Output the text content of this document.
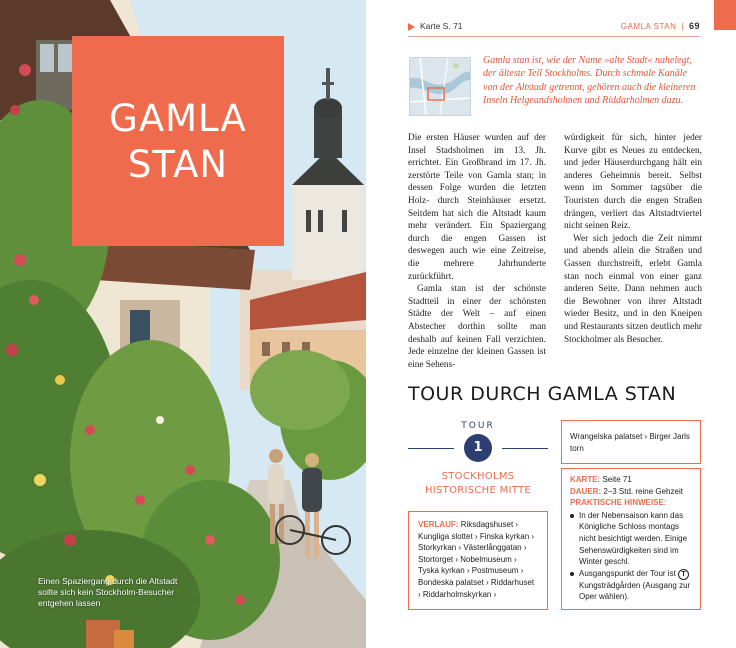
GAMLA
STAN
Einen Spaziergang durch die Altstadt sollte sich kein Stockholm-Besucher entgehen lassen
Karte S. 71	GAMLA STAN | 69
Gamla stan ist, wie der Name »alte Stadt« nahelegt, der älteste Teil Stockholms. Durch schmale Kanäle von der Altstadt getrennt, gehören auch die kleineren Inseln Helgeandsholmen und Riddarholmen dazu.

Die ersten Häuser wurden auf der Insel Stadsholmen im 13. Jh. errichtet. Ein Großbrand im 17. Jh. zerstörte Teile von Gamla stan; in dessen Folge wurden die letzten Holz- durch Steinhäuser ersetzt. Seitdem hat sich die Altstadt kaum mehr verändert. Ein Spaziergang durch die engen Gassen ist deswegen auch wie eine Zeitreise, die mehrere Jahrhunderte zurückführt.

Gamla stan ist der schönste Stadtteil in einer der schönsten Städte der Welt – auf einen Abstecher dorthin sollte man deshalb auf keinen Fall verzichten. Jede einzelne der kleinen Gassen ist eine Sehens-

würdigkeit für sich, hinter jeder Kurve gibt es Neues zu entdecken, und jeder Häuserdurchgang hält ein anderes Geheimnis bereit. Selbst wenn im Sommer tagsüber die Touristen durch die engen Straßen drängen, verliert das Altstadtviertel nicht seinen Reiz.

Wer sich jedoch die Zeit nimmt und abends allein die Straßen und Gassen durchstreift, erlebt Gamla stan noch einmal von einer ganz anderen Seite. Dann nehmen auch die Bewohner von ihrer Altstadt wieder Besitz, und in den Kneipen und Restaurants sitzen deutlich mehr Stockholmer als Besucher.

TOUR DURCH GAMLA STAN
TOUR
1
STOCKHOLMS
HISTORISCHE MITTE
VERLAUF: Riksdagshuset › Kungliga slottet › Finska kyrkan › Storkyrkan › Västerlånggatan › Stortorget › Nobelmuseum › Tyska kyrkan › Postmuseum › Bondeska palatset › Riddarhuset › Riddarholmskyrkan ›
Wrangelska palatset › Birger Jarls torn
KARTE: Seite 71
DAUER: 2–3 Std. reine Gehzeit
PRAKTISCHE HINWEISE:
In der Nebensaison kann das Königliche Schloss montags nicht besichtigt werden. Einige Sehenswürdigkeiten sind im Winter geschl.
Ausgangspunkt der Tour ist T Kungsträdgården (Ausgang zur Oper wählen).
